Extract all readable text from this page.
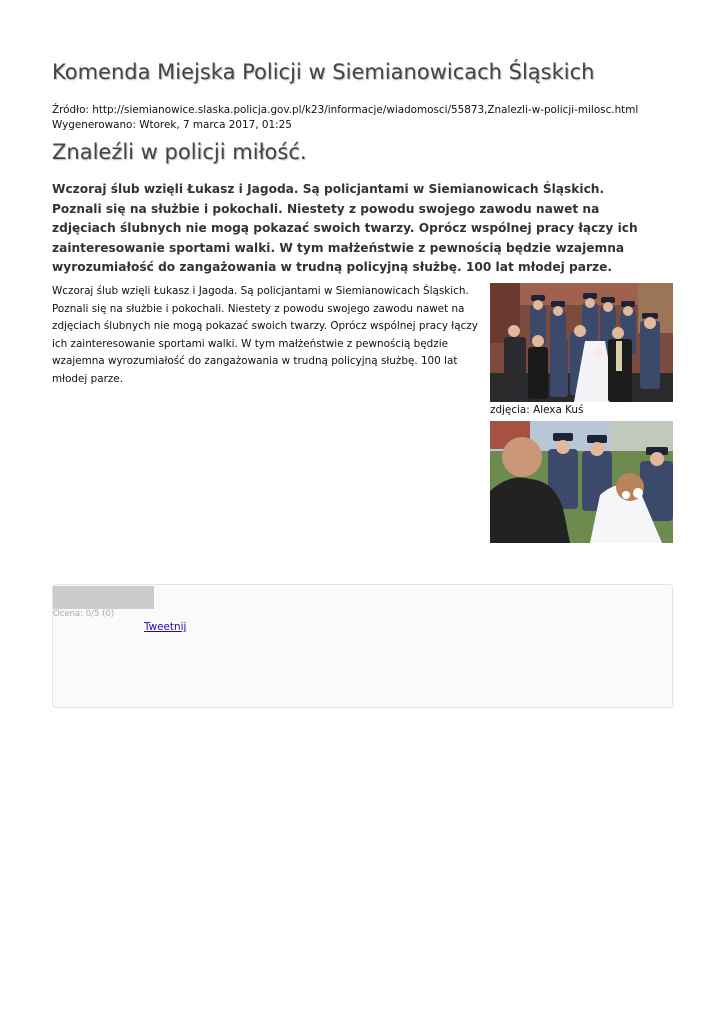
Komenda Miejska Policji w Siemianowicach Śląskich
Źródło: http://siemianowice.slaska.policja.gov.pl/k23/informacje/wiadomosci/55873,Znalezli-w-policji-milosc.html
Wygenerowano: Wtorek, 7 marca 2017, 01:25
Znaleźli w policji miłość.

Wczoraj ślub wzięli Łukasz i Jagoda. Są policjantami w Siemianowicach Śląskich. Poznali się na służbie i pokochali. Niestety z powodu swojego zawodu nawet na zdjęciach ślubnych nie mogą pokazać swoich twarzy. Oprócz wspólnej pracy łączy ich zainteresowanie sportami walki. W tym małżeństwie z pewnością będzie wzajemna wyrozumiałość do zangażowania w trudną policyjną służbę. 100 lat młodej parze.

Wczoraj ślub wzięli Łukasz i Jagoda. Są policjantami w Siemianowicach Śląskich. Poznali się na służbie i pokochali. Niestety z powodu swojego zawodu nawet na zdjęciach ślubnych nie mogą pokazać swoich twarzy. Oprócz wspólnej pracy łączy ich zainteresowanie sportami walki. W tym małżeństwie z pewnością będzie wzajemna wyrozumiałość do zangażowania w trudną policyjną służbę. 100 lat młodej parze.

zdjęcia: Alexa Kuś
Ocena: 0/5 (0)
Tweetnij
